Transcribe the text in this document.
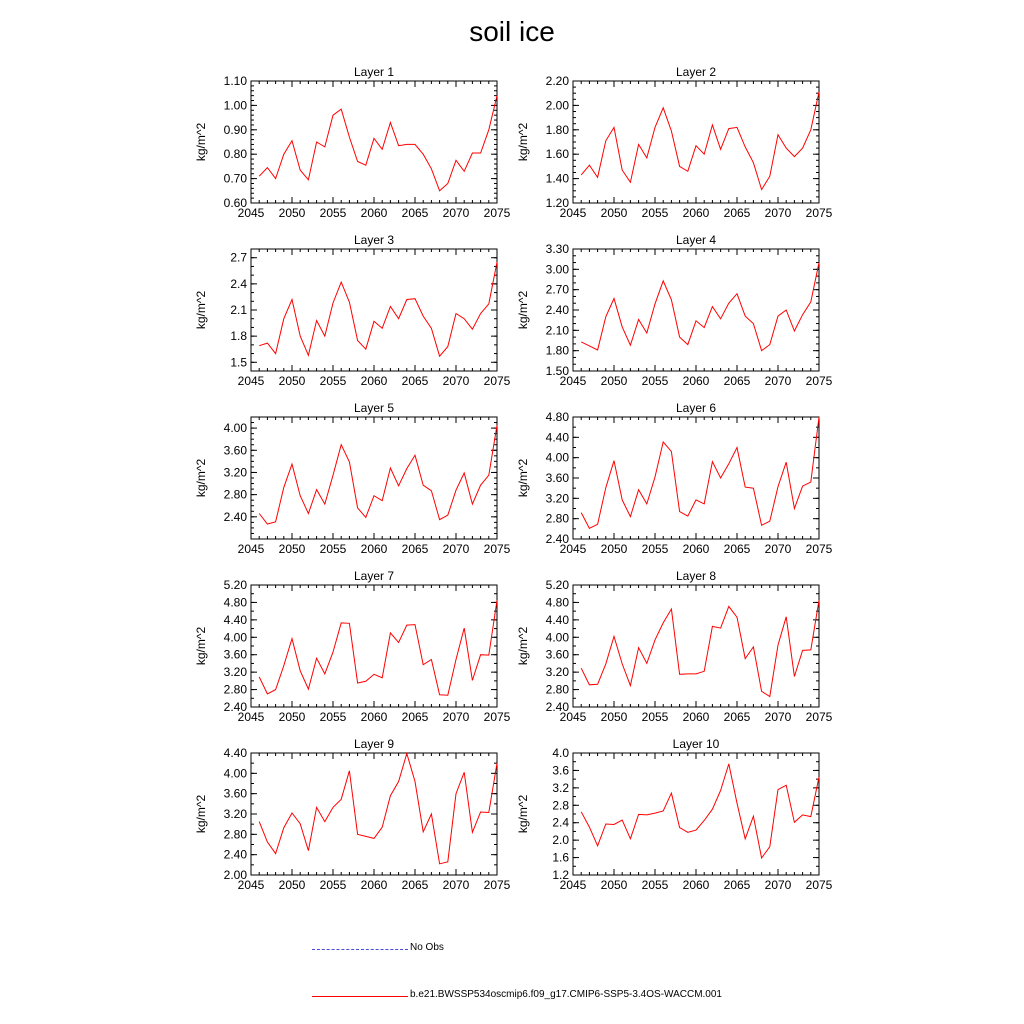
soil ice
Layer 1
kg/m^2
2045 2050 2055 2060 2065 2070 2075
0.60
0.70
0.80
0.90
1.00
1.10
Layer 2
kg/m^2
2045 2050 2055 2060 2065 2070 2075
1.20
1.40
1.60
1.80
2.00
2.20
Layer 3
kg/m^2
2045 2050 2055 2060 2065 2070 2075
1.5
1.8
2.1
2.4
2.7
Layer 4
kg/m^2
2045 2050 2055 2060 2065 2070 2075
1.50
1.80
2.10
2.40
2.70
3.00
3.30
Layer 5
kg/m^2
2045 2050 2055 2060 2065 2070 2075
2.40
2.80
3.20
3.60
4.00
Layer 6
kg/m^2
2045 2050 2055 2060 2065 2070 2075
2.40
2.80
3.20
3.60
4.00
4.40
4.80
Layer 7
kg/m^2
2045 2050 2055 2060 2065 2070 2075
2.40
2.80
3.20
3.60
4.00
4.40
4.80
5.20
Layer 8
kg/m^2
2045 2050 2055 2060 2065 2070 2075
2.40
2.80
3.20
3.60
4.00
4.40
4.80
5.20
Layer 9
kg/m^2
2045 2050 2055 2060 2065 2070 2075
2.00
2.40
2.80
3.20
3.60
4.00
4.40
Layer 10
kg/m^2
2045 2050 2055 2060 2065 2070 2075
1.2
1.6
2.0
2.4
2.8
3.2
3.6
4.0
No Obs
b.e21.BWSSP534oscmip6.f09_g17.CMIP6-SSP5-3.4OS-WACCM.001
